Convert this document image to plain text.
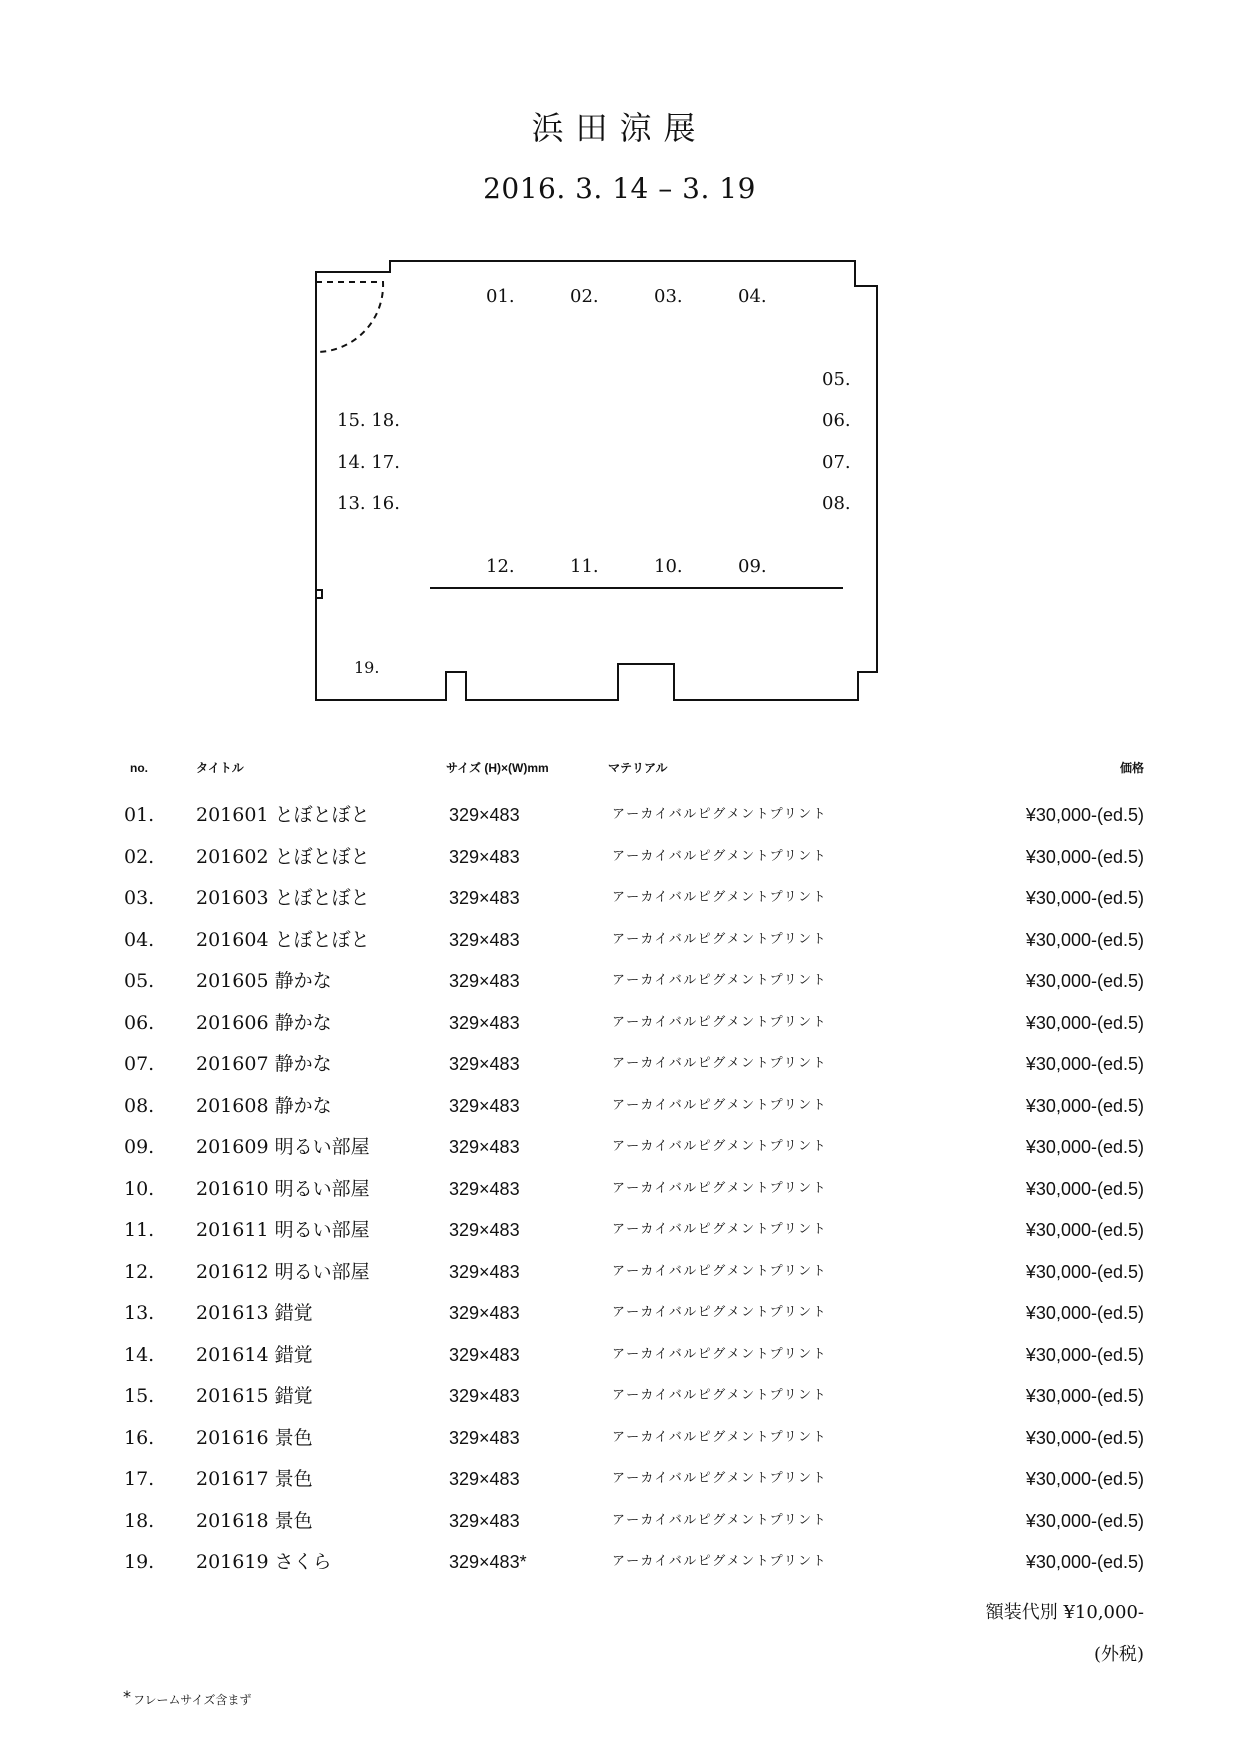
浜田涼展
2016. 3. 14 – 3. 19
01.	02.	03.	04.
05.
06.
07.
08.
15. 18.
14. 17.
13. 16.
12.	11.	10.	09.
19.
no.	タイトル	サイズ (H)×(W)mm	マテリアル	価格
01. 201601 とぼとぼと	329×483	アーカイバルピグメントプリント	¥30,000-(ed.5)
02. 201602 とぼとぼと	329×483	アーカイバルピグメントプリント	¥30,000-(ed.5)
03. 201603 とぼとぼと	329×483	アーカイバルピグメントプリント	¥30,000-(ed.5)
04. 201604 とぼとぼと	329×483	アーカイバルピグメントプリント	¥30,000-(ed.5)
05. 201605 静かな	329×483	アーカイバルピグメントプリント	¥30,000-(ed.5)
06. 201606 静かな	329×483	アーカイバルピグメントプリント	¥30,000-(ed.5)
07. 201607 静かな	329×483	アーカイバルピグメントプリント	¥30,000-(ed.5)
08. 201608 静かな	329×483	アーカイバルピグメントプリント	¥30,000-(ed.5)
09. 201609 明るい部屋	329×483	アーカイバルピグメントプリント	¥30,000-(ed.5)
10. 201610 明るい部屋	329×483	アーカイバルピグメントプリント	¥30,000-(ed.5)
11. 201611 明るい部屋	329×483	アーカイバルピグメントプリント	¥30,000-(ed.5)
12. 201612 明るい部屋	329×483	アーカイバルピグメントプリント	¥30,000-(ed.5)
13. 201613 錯覚	329×483	アーカイバルピグメントプリント	¥30,000-(ed.5)
14. 201614 錯覚	329×483	アーカイバルピグメントプリント	¥30,000-(ed.5)
15. 201615 錯覚	329×483	アーカイバルピグメントプリント	¥30,000-(ed.5)
16. 201616 景色	329×483	アーカイバルピグメントプリント	¥30,000-(ed.5)
17. 201617 景色	329×483	アーカイバルピグメントプリント	¥30,000-(ed.5)
18. 201618 景色	329×483	アーカイバルピグメントプリント	¥30,000-(ed.5)
19. 201619 さくら	329×483*	アーカイバルピグメントプリント	¥30,000-(ed.5)
額装代別 ¥10,000-
(外税)
* フレームサイズ含まず
